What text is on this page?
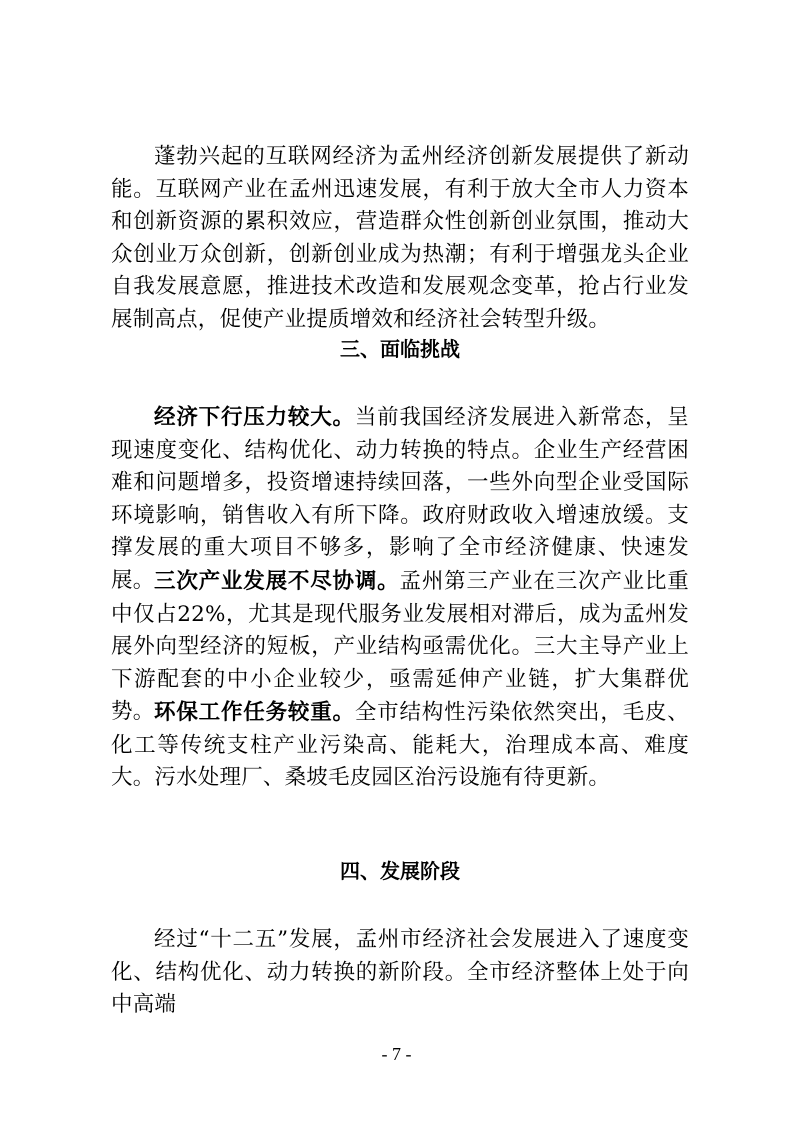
蓬勃兴起的互联网经济为孟州经济创新发展提供了新动能。互联网产业在孟州迅速发展，有利于放大全市人力资本和创新资源的累积效应，营造群众性创新创业氛围，推动大众创业万众创新，创新创业成为热潮；有利于增强龙头企业自我发展意愿，推进技术改造和发展观念变革，抢占行业发展制高点，促使产业提质增效和经济社会转型升级。

三、面临挑战

经济下行压力较大。当前我国经济发展进入新常态，呈现速度变化、结构优化、动力转换的特点。企业生产经营困难和问题增多，投资增速持续回落，一些外向型企业受国际环境影响，销售收入有所下降。政府财政收入增速放缓。支撑发展的重大项目不够多，影响了全市经济健康、快速发展。 三次产业发展不尽协调。孟州第三产业在三次产业比重中仅占22%，尤其是现代服务业发展相对滞后，成为孟州发展外向型经济的短板，产业结构亟需优化。三大主导产业上下游配套的中小企业较少，亟需延伸产业链，扩大集群优势。 环保工作任务较重。全市结构性污染依然突出，毛皮、化工等传统支柱产业污染高、能耗大，治理成本高、难度大。污水处理厂、桑坡毛皮园区治污设施有待更新。

四、发展阶段

经过“十二五”发展，孟州市经济社会发展进入了速度变化、结构优化、动力转换的新阶段。全市经济整体上处于向中高端

- 7 -
